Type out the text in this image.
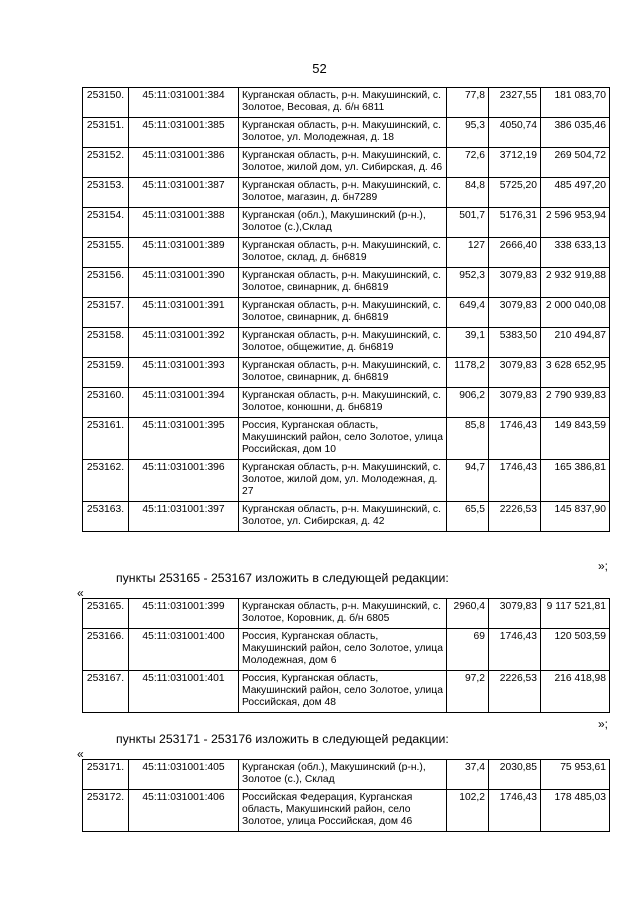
52
253150.	45:11:031001:384	Курганская область, р-н. Макушинский, с. Золотое, Весовая, д. б/н 6811	77,8	2327,55	181 083,70
253151.	45:11:031001:385	Курганская область, р-н. Макушинский, с. Золотое, ул. Молодежная, д. 18	95,3	4050,74	386 035,46
253152.	45:11:031001:386	Курганская область, р-н. Макушинский, с. Золотое, жилой дом, ул. Сибирская, д. 46	72,6	3712,19	269 504,72
253153.	45:11:031001:387	Курганская область, р-н. Макушинский, с. Золотое, магазин, д. бн7289	84,8	5725,20	485 497,20
253154.	45:11:031001:388	Курганская (обл.), Макушинский (р-н.), Золотое (с.),Склад	501,7	5176,31	2 596 953,94
253155.	45:11:031001:389	Курганская область, р-н. Макушинский, с. Золотое, склад, д. бн6819	127	2666,40	338 633,13
253156.	45:11:031001:390	Курганская область, р-н. Макушинский, с. Золотое, свинарник, д. бн6819	952,3	3079,83	2 932 919,88
253157.	45:11:031001:391	Курганская область, р-н. Макушинский, с. Золотое, свинарник, д. бн6819	649,4	3079,83	2 000 040,08
253158.	45:11:031001:392	Курганская область, р-н. Макушинский, с. Золотое, общежитие, д. бн6819	39,1	5383,50	210 494,87
253159.	45:11:031001:393	Курганская область, р-н. Макушинский, с. Золотое, свинарник, д. бн6819	1178,2	3079,83	3 628 652,95
253160.	45:11:031001:394	Курганская область, р-н. Макушинский, с. Золотое, конюшни, д. бн6819	906,2	3079,83	2 790 939,83
253161.	45:11:031001:395	Россия, Курганская область, Макушинский район, село Золотое, улица Российская, дом 10	85,8	1746,43	149 843,59
253162.	45:11:031001:396	Курганская область, р-н. Макушинский, с. Золотое, жилой дом, ул. Молодежная, д. 27	94,7	1746,43	165 386,81
253163.	45:11:031001:397	Курганская область, р-н. Макушинский, с. Золотое, ул. Сибирская, д. 42	65,5	2226,53	145 837,90
»;
пункты 253165 - 253167 изложить в следующей редакции:
«
253165.	45:11:031001:399	Курганская область, р-н. Макушинский, с. Золотое, Коровник, д. б/н 6805	2960,4	3079,83	9 117 521,81
253166.	45:11:031001:400	Россия, Курганская область, Макушинский район, село Золотое, улица Молодежная, дом 6	69	1746,43	120 503,59
253167.	45:11:031001:401	Россия, Курганская область, Макушинский район, село Золотое, улица Российская, дом 48	97,2	2226,53	216 418,98
»;
пункты 253171 - 253176 изложить в следующей редакции:
«
253171.	45:11:031001:405	Курганская (обл.), Макушинский (р-н.), Золотое (с.), Склад	37,4	2030,85	75 953,61
253172.	45:11:031001:406	Российская Федерация, Курганская область, Макушинский район, село Золотое, улица Российская, дом 46	102,2	1746,43	178 485,03
